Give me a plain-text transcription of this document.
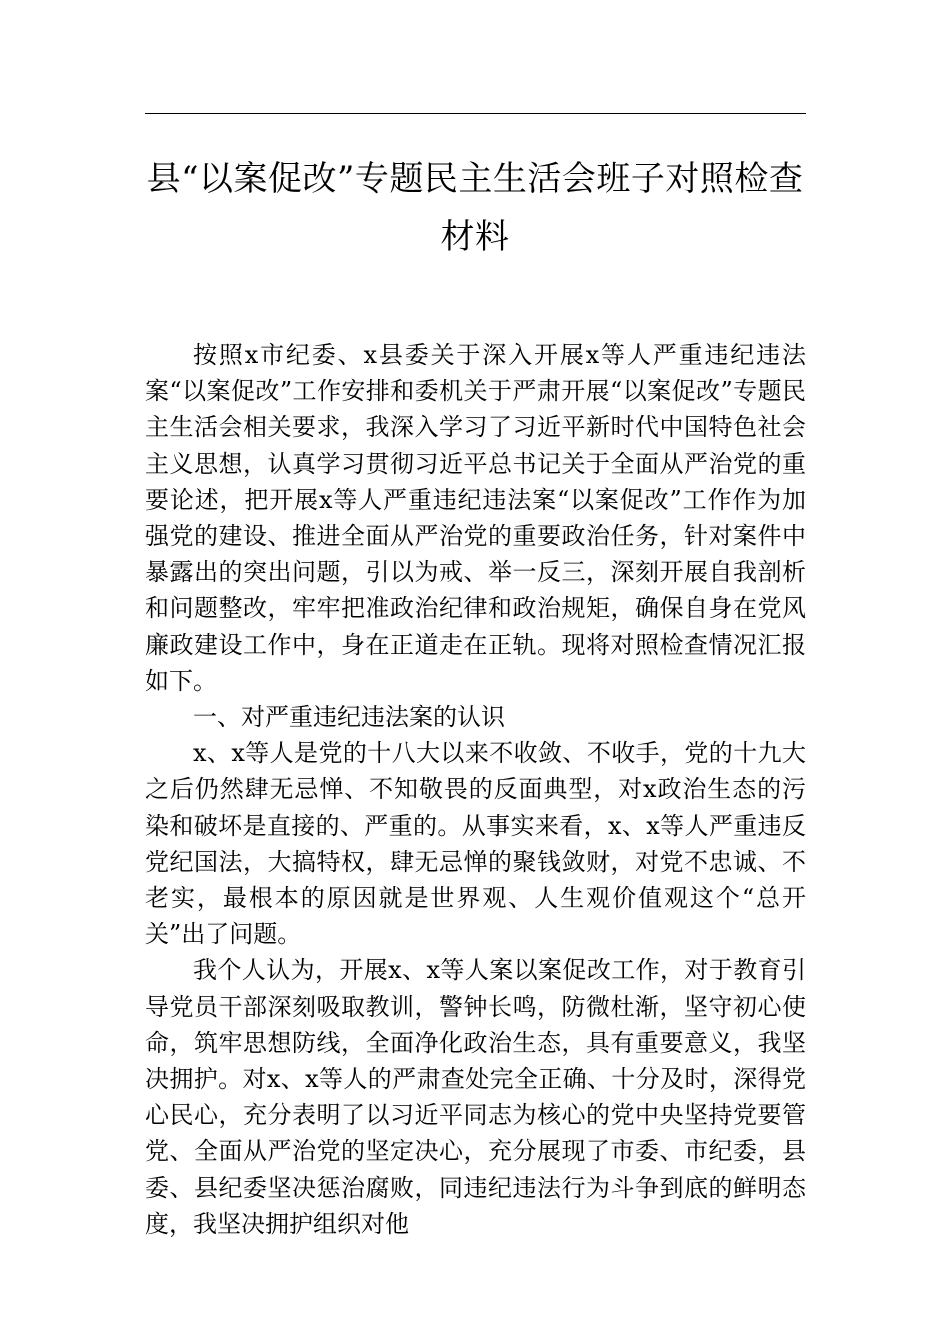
县“以案促改”专题民主生活会班子对照检查
材料

按照x市纪委、x县委关于深入开展x等人严重违纪违法案“以案促改”工作安排和委机关于严肃开展“以案促改”专题民主生活会相关要求，我深入学习了习近平新时代中国特色社会主义思想，认真学习贯彻习近平总书记关于全面从严治党的重要论述，把开展x等人严重违纪违法案“以案促改”工作作为加强党的建设、推进全面从严治党的重要政治任务，针对案件中暴露出的突出问题，引以为戒、举一反三，深刻开展自我剖析和问题整改，牢牢把准政治纪律和政治规矩，确保自身在党风廉政建设工作中，身在正道走在正轨。现将对照检查情况汇报如下。

一、对严重违纪违法案的认识

x、x等人是党的十八大以来不收敛、不收手，党的十九大之后仍然肆无忌惮、不知敬畏的反面典型，对x政治生态的污染和破坏是直接的、严重的。从事实来看，x、x等人严重违反党纪国法，大搞特权，肆无忌惮的聚钱敛财，对党不忠诚、不老实，最根本的原因就是世界观、人生观价值观这个“总开关”出了问题。

我个人认为，开展x、x等人案以案促改工作，对于教育引导党员干部深刻吸取教训，警钟长鸣，防微杜渐，坚守初心使命，筑牢思想防线，全面净化政治生态，具有重要意义，我坚决拥护。对x、x等人的严肃查处完全正确、十分及时，深得党心民心，充分表明了以习近平同志为核心的党中央坚持党要管党、全面从严治党的坚定决心，充分展现了市委、市纪委，县委、县纪委坚决惩治腐败，同违纪违法行为斗争到底的鲜明态度，我坚决拥护组织对他
